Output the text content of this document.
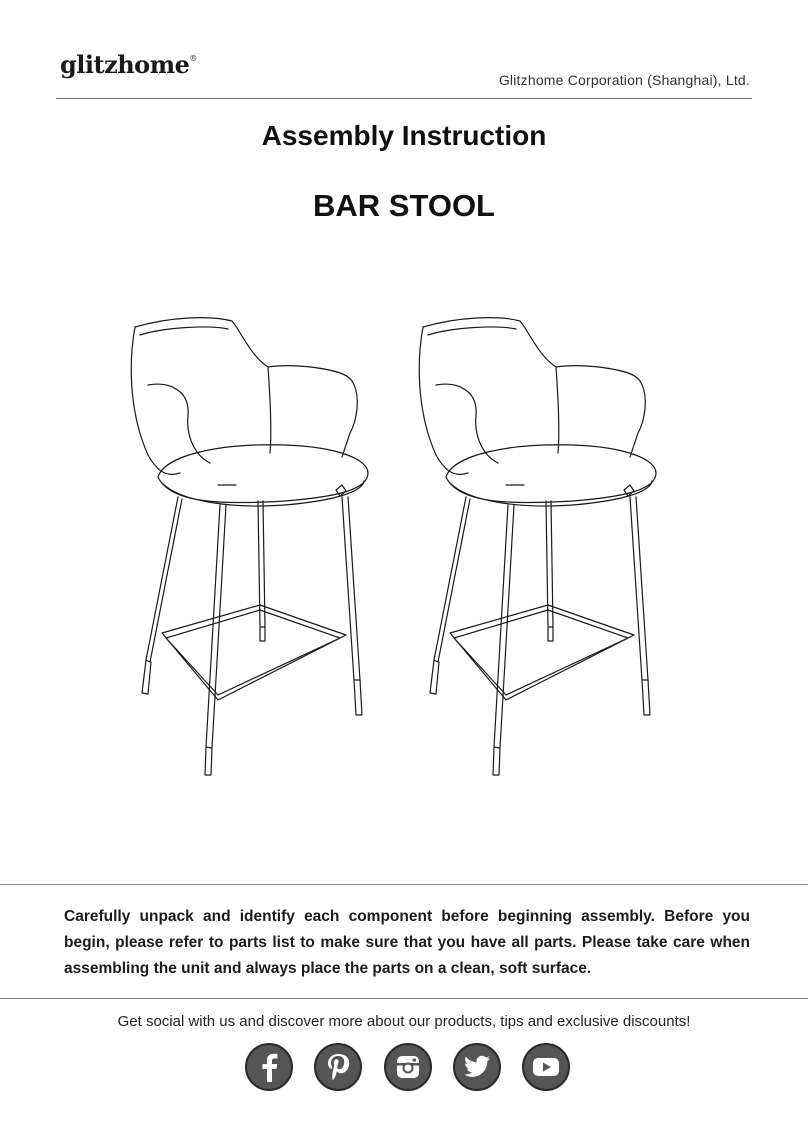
glitzhome®
Glitzhome Corporation (Shanghai), Ltd.
Assembly Instruction
BAR STOOL
Carefully unpack and identify each component before beginning assembly. Before you begin, please refer to parts list to make sure that you have all parts. Please take care when assembling the unit and always place the parts on a clean, soft surface.
Get social with us and discover more about our products, tips and exclusive discounts!
